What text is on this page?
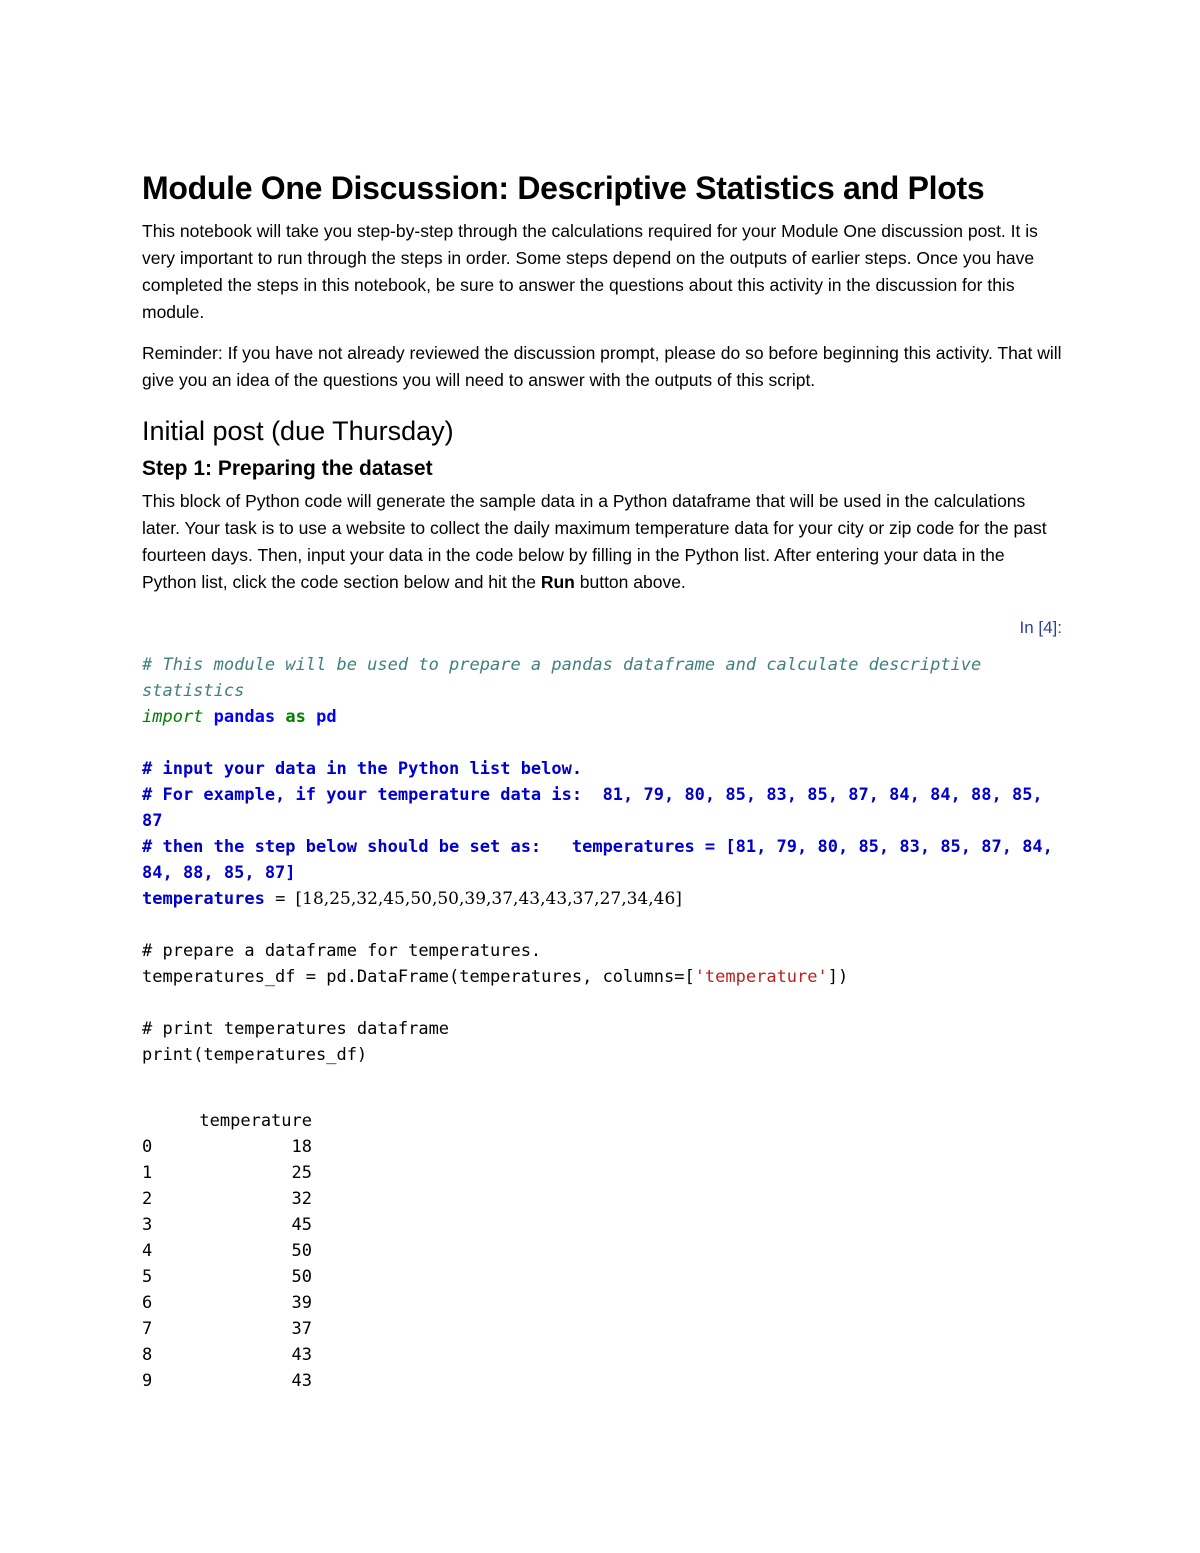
Module One Discussion: Descriptive Statistics and Plots

This notebook will take you step-by-step through the calculations required for your Module One discussion post. It is very important to run through the steps in order. Some steps depend on the outputs of earlier steps. Once you have completed the steps in this notebook, be sure to answer the questions about this activity in the discussion for this module.

Reminder: If you have not already reviewed the discussion prompt, please do so before beginning this activity. That will give you an idea of the questions you will need to answer with the outputs of this script.

Initial post (due Thursday)
Step 1: Preparing the dataset

This block of Python code will generate the sample data in a Python dataframe that will be used in the calculations later. Your task is to use a website to collect the daily maximum temperature data for your city or zip code for the past fourteen days. Then, input your data in the code below by filling in the Python list. After entering your data in the Python list, click the code section below and hit the Run button above.

In [4]:
# This module will be used to prepare a pandas dataframe and calculate descriptive statistics
import pandas as pd

# input your data in the Python list below.
# For example, if your temperature data is:  81, 79, 80, 85, 83, 85, 87, 84, 84, 88, 85, 87
# then the step below should be set as:   temperatures = [81, 79, 80, 85, 83, 85, 87, 84, 84, 88, 85, 87]
temperatures = [18,25,32,45,50,50,39,37,43,43,37,27,34,46]

# prepare a dataframe for temperatures.
temperatures_df = pd.DataFrame(temperatures, columns=['temperature'])

# print temperatures dataframe
print(temperatures_df)
	temperature
0	18
1	25
2	32
3	45
4	50
5	50
6	39
7	37
8	43
9	43
